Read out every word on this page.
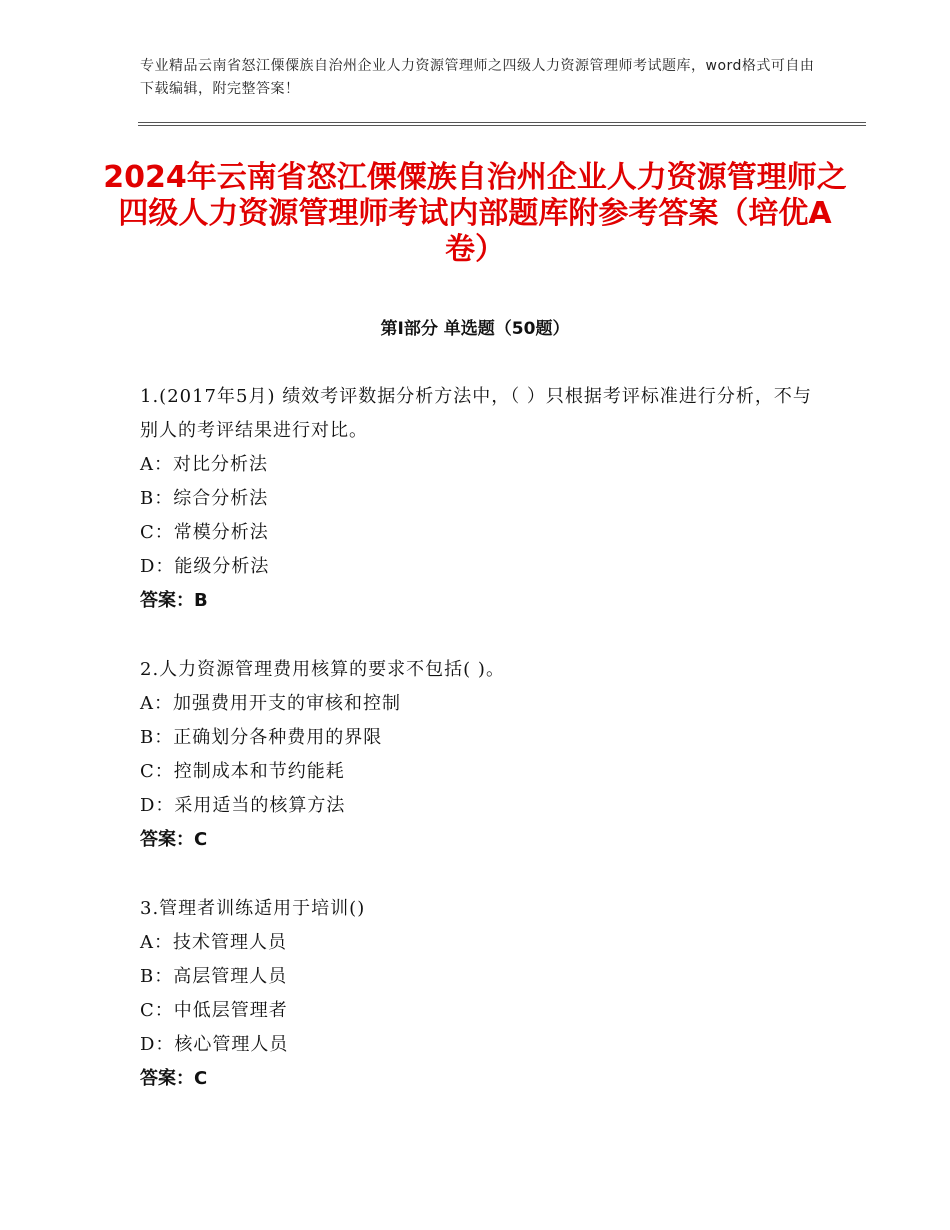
专业精品云南省怒江傈僳族自治州企业人力资源管理师之四级人力资源管理师考试题库，word格式可自由下载编辑，附完整答案！
2024年云南省怒江傈僳族自治州企业人力资源管理师之四级人力资源管理师考试内部题库附参考答案（培优A卷）
第Ⅰ部分 单选题（50题）

1.(2017年5月) 绩效考评数据分析方法中，（ ）只根据考评标准进行分析，不与别人的考评结果进行对比。

A：对比分析法

B：综合分析法

C：常模分析法

D：能级分析法

答案：B

2.人力资源管理费用核算的要求不包括( )。

A：加强费用开支的审核和控制

B：正确划分各种费用的界限

C：控制成本和节约能耗

D：采用适当的核算方法

答案：C

3.管理者训练适用于培训()

A：技术管理人员

B：高层管理人员

C：中低层管理者

D：核心管理人员

答案：C
